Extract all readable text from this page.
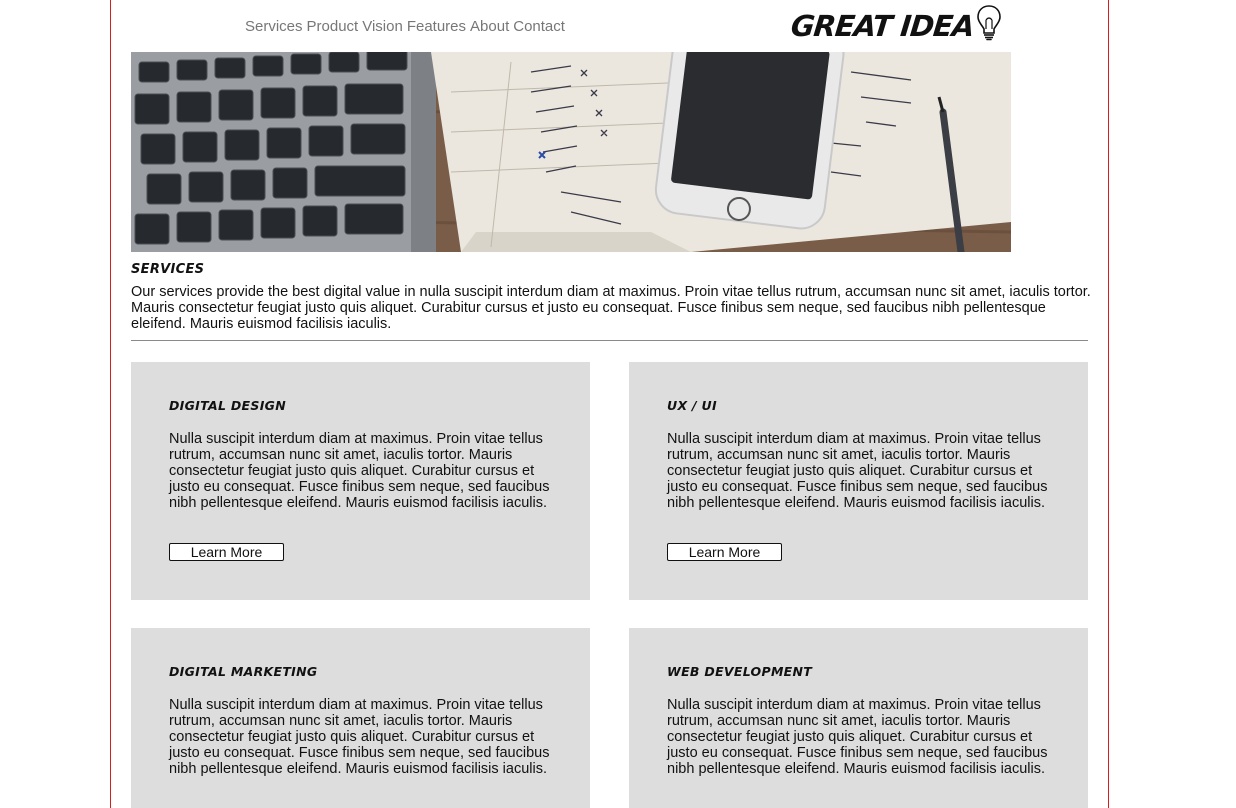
Services Product Vision Features About Contact	GREAT IDEA
SERVICES

Our services provide the best digital value in nulla suscipit interdum diam at maximus. Proin vitae tellus rutrum, accumsan nunc sit amet, iaculis tortor. Mauris consectetur feugiat justo quis aliquet. Curabitur cursus et justo eu consequat. Fusce finibus sem neque, sed faucibus nibh pellentesque eleifend. Mauris euismod facilisis iaculis.

DIGITAL DESIGN

Nulla suscipit interdum diam at maximus. Proin vitae tellus rutrum, accumsan nunc sit amet, iaculis tortor. Mauris consectetur feugiat justo quis aliquet. Curabitur cursus et justo eu consequat. Fusce finibus sem neque, sed faucibus nibh pellentesque eleifend. Mauris euismod facilisis iaculis.

Learn More
UX / UI

Nulla suscipit interdum diam at maximus. Proin vitae tellus rutrum, accumsan nunc sit amet, iaculis tortor. Mauris consectetur feugiat justo quis aliquet. Curabitur cursus et justo eu consequat. Fusce finibus sem neque, sed faucibus nibh pellentesque eleifend. Mauris euismod facilisis iaculis.

Learn More
DIGITAL MARKETING

Nulla suscipit interdum diam at maximus. Proin vitae tellus rutrum, accumsan nunc sit amet, iaculis tortor. Mauris consectetur feugiat justo quis aliquet. Curabitur cursus et justo eu consequat. Fusce finibus sem neque, sed faucibus nibh pellentesque eleifend. Mauris euismod facilisis iaculis.

WEB DEVELOPMENT

Nulla suscipit interdum diam at maximus. Proin vitae tellus rutrum, accumsan nunc sit amet, iaculis tortor. Mauris consectetur feugiat justo quis aliquet. Curabitur cursus et justo eu consequat. Fusce finibus sem neque, sed faucibus nibh pellentesque eleifend. Mauris euismod facilisis iaculis.
